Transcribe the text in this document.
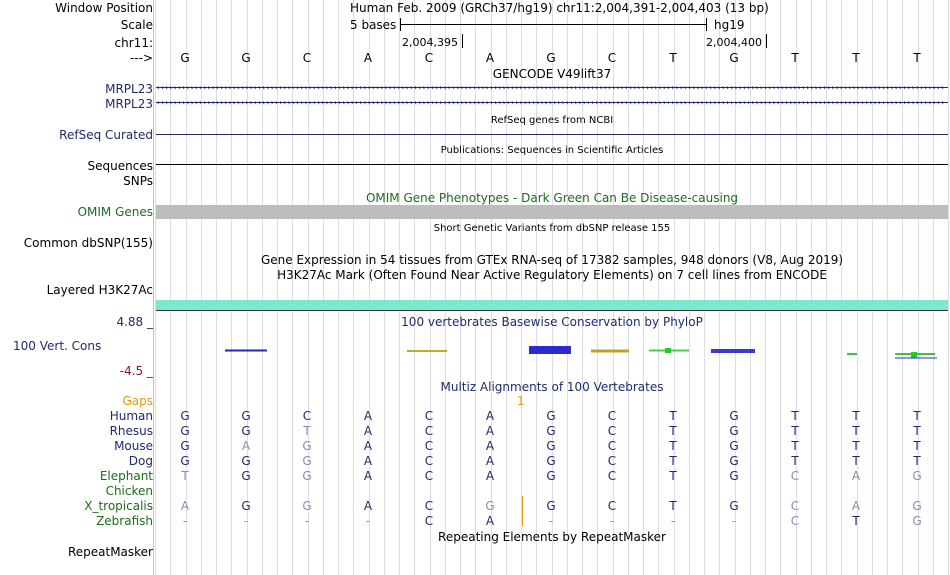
Window Position
Scale
chr11:
--->
Human Feb. 2009 (GRCh37/hg19) chr11:2,004,391-2,004,403 (13 bp)
5 bases	hg19
2,004,395	2,004,400
G	G	C	A	C	A	G	C	T	G	T	T	T
GENCODE V49lift37
MRPL23
MRPL23
RefSeq genes from NCBI
RefSeq Curated
Publications: Sequences in Scientific Articles
Sequences
SNPs
OMIM Gene Phenotypes - Dark Green Can Be Disease-causing
OMIM Genes
Short Genetic Variants from dbSNP release 155
Common dbSNP(155)
Gene Expression in 54 tissues from GTEx RNA-seq of 17382 samples, 948 donors (V8, Aug 2019)
H3K27Ac Mark (Often Found Near Active Regulatory Elements) on 7 cell lines from ENCODE
Layered H3K27Ac
4.88 _	100 vertebrates Basewise Conservation by PhyloP
100 Vert. Cons
-4.5 _
Multiz Alignments of 100 Vertebrates
Gaps	1
Human	G	G	C	A	C	A	G	C	T	G	T	T	T
Rhesus	G	G	T	A	C	A	G	C	T	G	T	T	T
Mouse	G	A	G	A	C	A	G	C	T	G	T	T	T
Dog	G	G	G	A	C	A	G	C	T	G	T	T	T
Elephant	T	G	G	A	C	A	G	C	T	G	C	A	G
Chicken
X_tropicalis	A	G	G	A	C	G	G	C	T	G	C	A	G
Zebrafish	-	-	-	-	C	A	-	-	-	-	C	T	G
Repeating Elements by RepeatMasker
RepeatMasker
